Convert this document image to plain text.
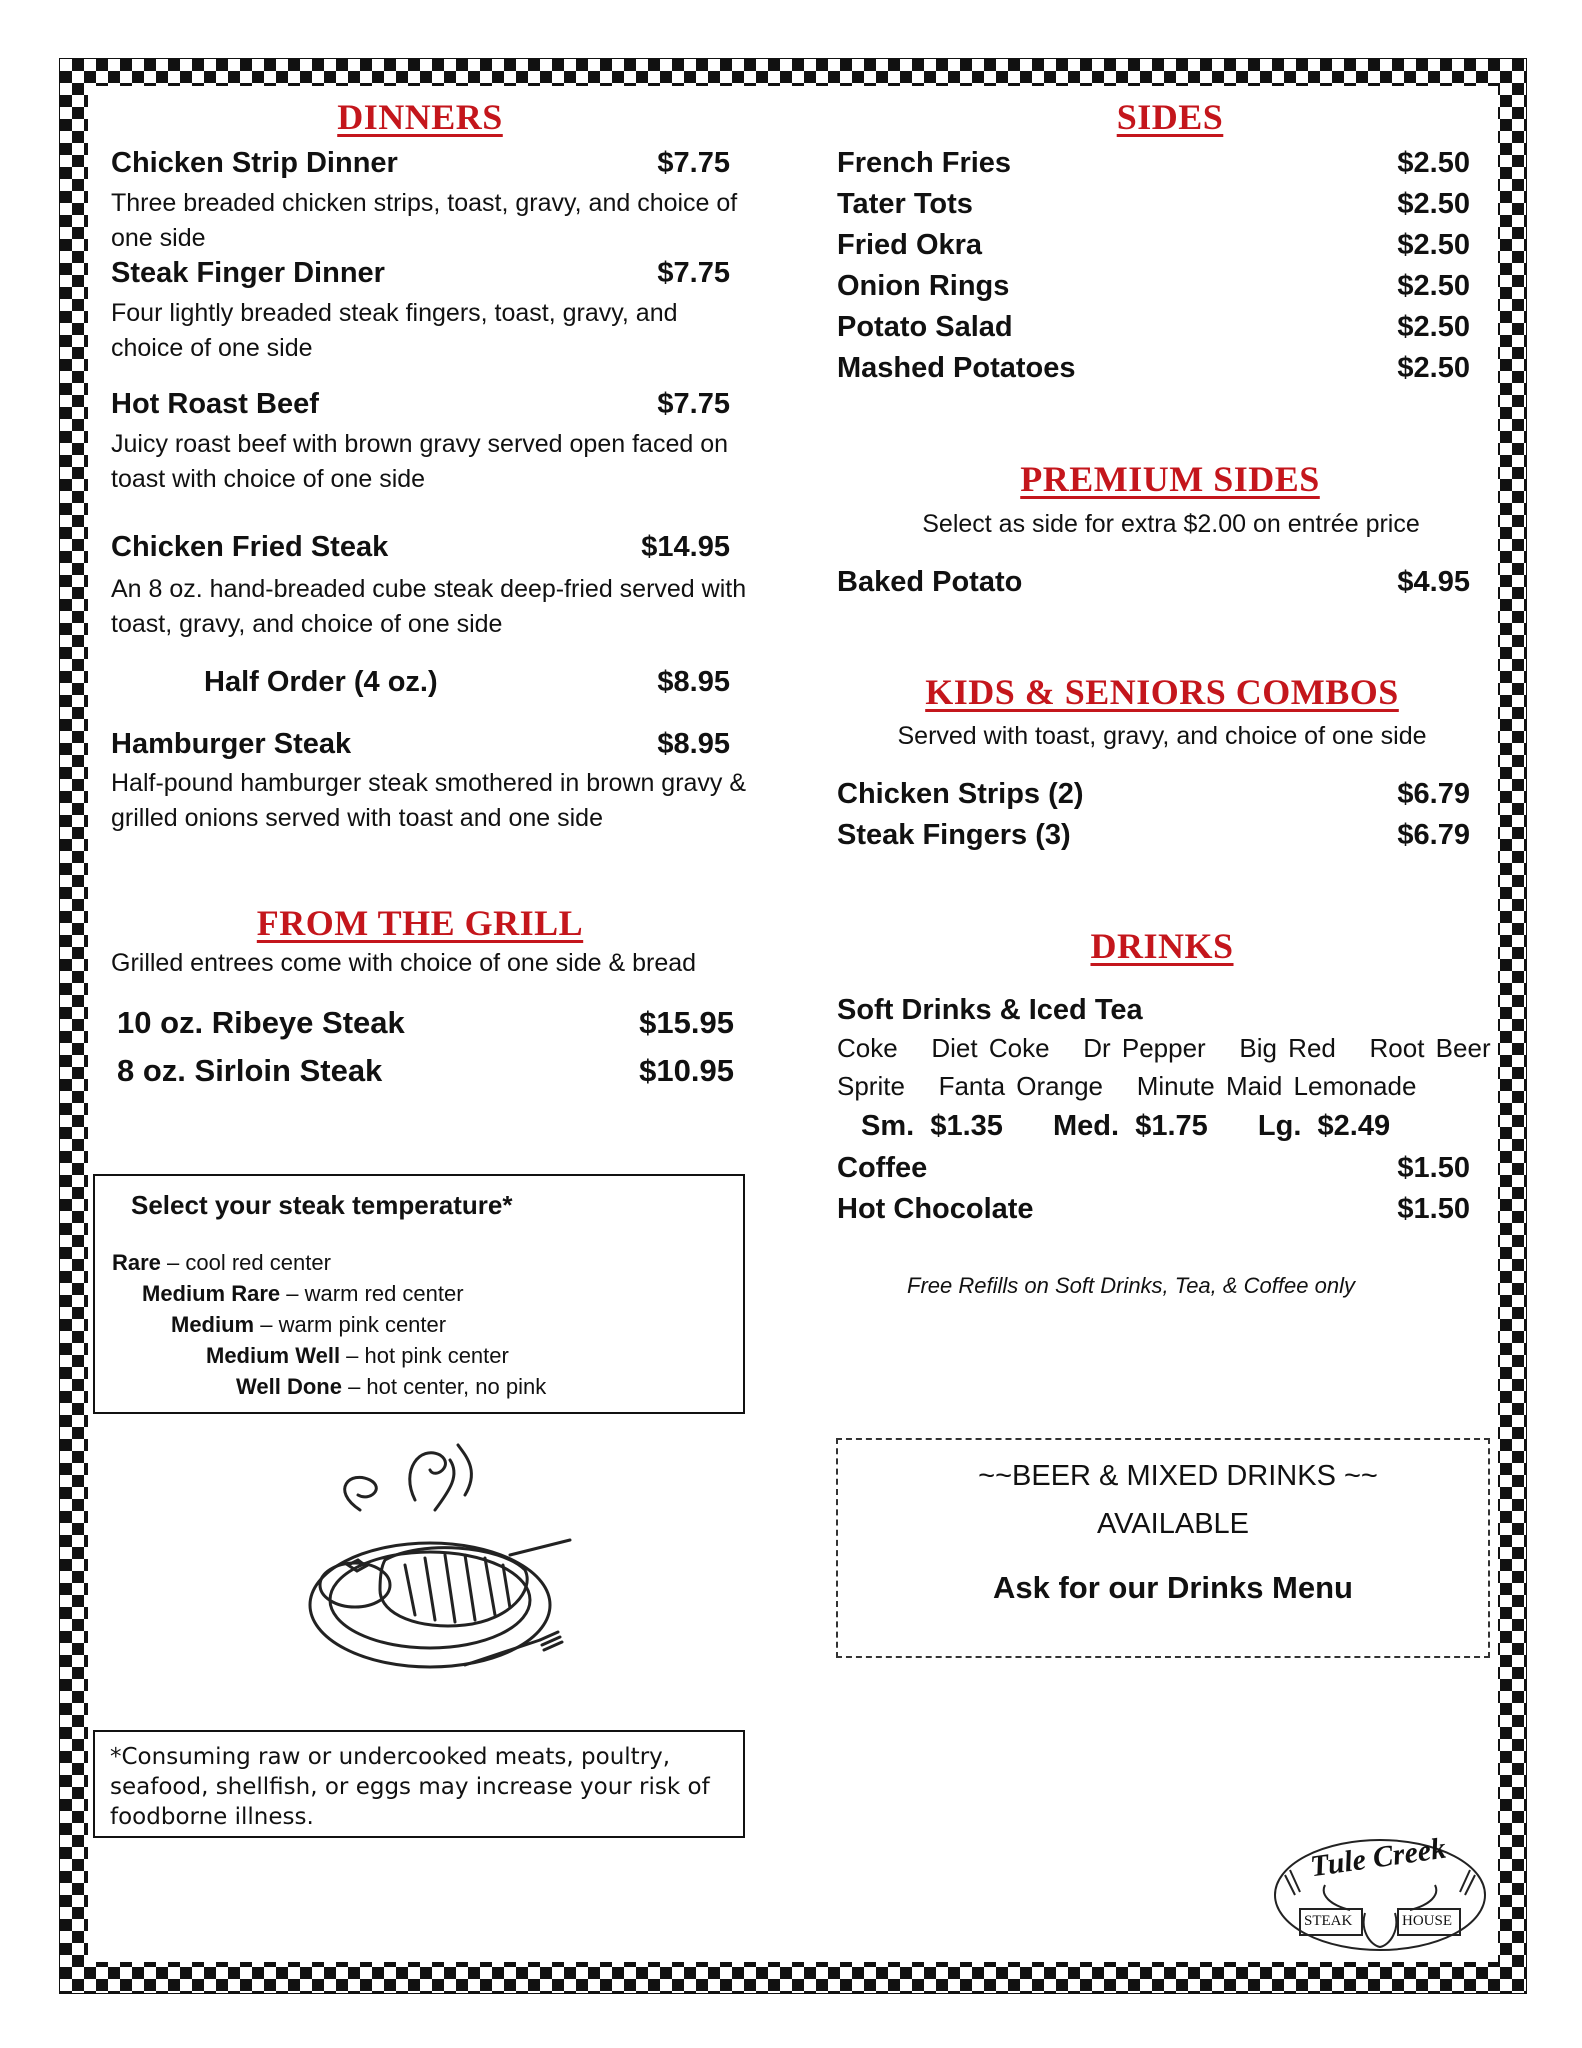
DINNERS
Chicken Strip Dinner	$7.75
Three breaded chicken strips, toast, gravy, and choice of one side
Steak Finger Dinner	$7.75
Four lightly breaded steak fingers, toast, gravy, and choice of one side
Hot Roast Beef	$7.75
Juicy roast beef with brown gravy served open faced on toast with choice of one side
Chicken Fried Steak	$14.95
An 8 oz. hand-breaded cube steak deep-fried served with toast, gravy, and choice of one side
Half Order (4 oz.)	$8.95
Hamburger Steak	$8.95
Half-pound hamburger steak smothered in brown gravy & grilled onions served with toast and one side
FROM THE GRILL
Grilled entrees come with choice of one side & bread
10 oz. Ribeye Steak	$15.95
8 oz. Sirloin Steak	$10.95
Select your steak temperature*
Rare – cool red center
Medium Rare – warm red center
Medium – warm pink center
Medium Well – hot pink center
Well Done – hot center, no pink
*Consuming raw or undercooked meats, poultry, seafood, shellfish, or eggs may increase your risk of foodborne illness.
SIDES
French Fries	$2.50
Tater Tots	$2.50
Fried Okra	$2.50
Onion Rings	$2.50
Potato Salad	$2.50
Mashed Potatoes	$2.50
PREMIUM SIDES
Select as side for extra $2.00 on entrée price
Baked Potato	$4.95
KIDS & SENIORS COMBOS
Served with toast, gravy, and choice of one side
Chicken Strips (2)	$6.79
Steak Fingers (3)	$6.79
DRINKS
Soft Drinks & Iced Tea
Coke   Diet Coke   Dr Pepper   Big Red   Root Beer
Sprite   Fanta Orange   Minute Maid Lemonade
Sm. $1.35 Med. $1.75 Lg. $2.49
Coffee	$1.50
Hot Chocolate	$1.50
Free Refills on Soft Drinks, Tea, & Coffee only
~~BEER & MIXED DRINKS ~~
AVAILABLE
Ask for our Drinks Menu
Tule Creek
STEAK	HOUSE
